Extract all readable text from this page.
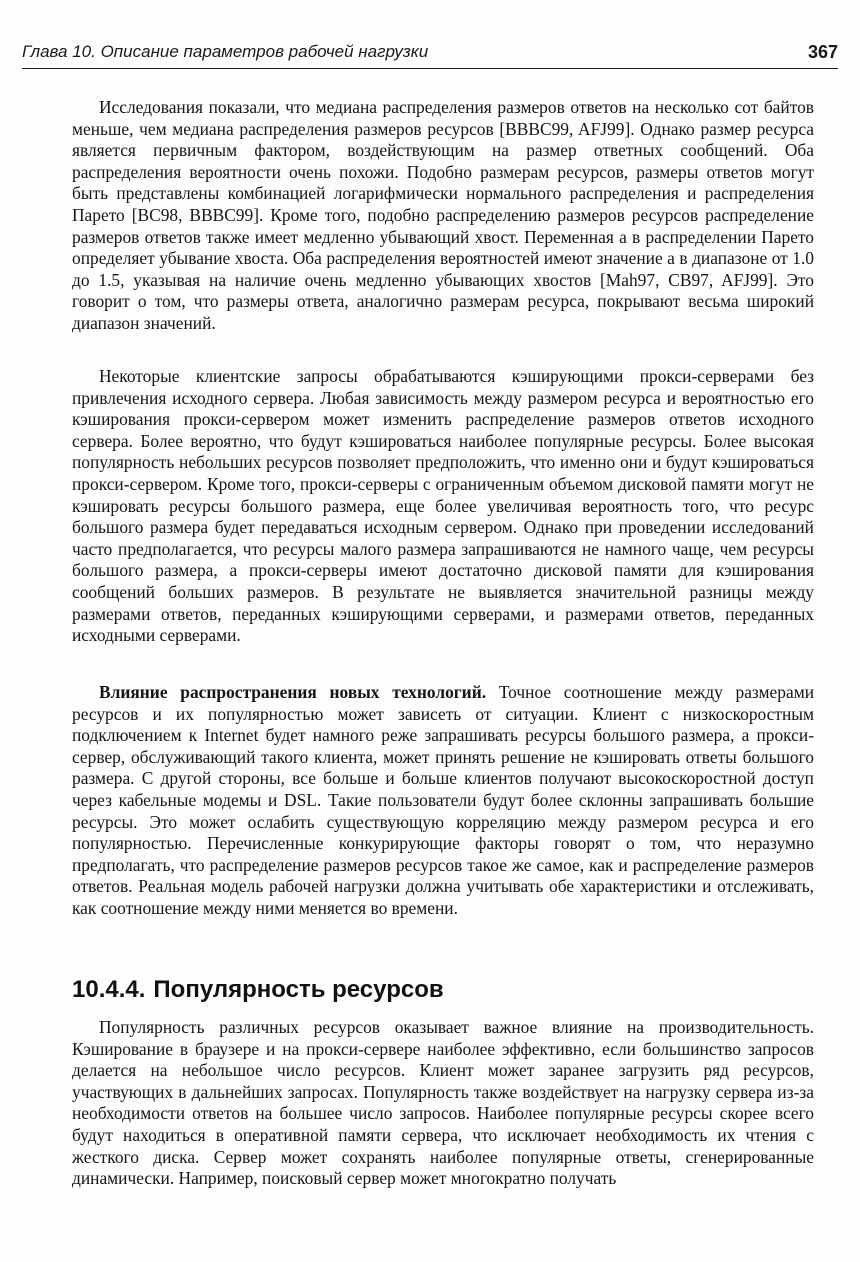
Глава 10. Описание параметров рабочей нагрузки	367

Исследования показали, что медиана распределения размеров ответов на несколько сот байтов меньше, чем медиана распределения размеров ресурсов [BBBC99, AFJ99]. Однако размер ресурса является первичным фактором, воздействующим на размер ответных сообщений. Оба распределения вероятности очень похожи. Подобно размерам ресурсов, размеры ответов могут быть представлены комбинацией логарифмически нормального распределения и распределения Парето [BC98, BBBC99]. Кроме того, подобно распределению размеров ресурсов распределение размеров ответов также имеет медленно убывающий хвост. Переменная a в распределении Парето определяет убывание хвоста. Оба распределения вероятностей имеют значение a в диапазоне от 1.0 до 1.5, указывая на наличие очень медленно убывающих хвостов [Mah97, CB97, AFJ99]. Это говорит о том, что размеры ответа, аналогично размерам ресурса, покрывают весьма широкий диапазон значений.

Некоторые клиентские запросы обрабатываются кэширующими прокси-серверами без привлечения исходного сервера. Любая зависимость между размером ресурса и вероятностью его кэширования прокси-сервером может изменить распределение размеров ответов исходного сервера. Более вероятно, что будут кэшироваться наиболее популярные ресурсы. Более высокая популярность небольших ресурсов позволяет предположить, что именно они и будут кэшироваться прокси-сервером. Кроме того, прокси-серверы с ограниченным объемом дисковой памяти могут не кэшировать ресурсы большого размера, еще более увеличивая вероятность того, что ресурс большого размера будет передаваться исходным сервером. Однако при проведении исследований часто предполагается, что ресурсы малого размера запрашиваются не намного чаще, чем ресурсы большого размера, а прокси-серверы имеют достаточно дисковой памяти для кэширования сообщений больших размеров. В результате не выявляется значительной разницы между размерами ответов, переданных кэширующими серверами, и размерами ответов, переданных исходными серверами.

Влияние распространения новых технологий. Точное соотношение между размерами ресурсов и их популярностью может зависеть от ситуации. Клиент с низкоскоростным подключением к Internet будет намного реже запрашивать ресурсы большого размера, а прокси-сервер, обслуживающий такого клиента, может принять решение не кэшировать ответы большого размера. С другой стороны, все больше и больше клиентов получают высокоскоростной доступ через кабельные модемы и DSL. Такие пользователи будут более склонны запрашивать большие ресурсы. Это может ослабить существующую корреляцию между размером ресурса и его популярностью. Перечисленные конкурирующие факторы говорят о том, что неразумно предполагать, что распределение размеров ресурсов такое же самое, как и распределение размеров ответов. Реальная модель рабочей нагрузки должна учитывать обе характеристики и отслеживать, как соотношение между ними меняется во времени.

10.4.4. Популярность ресурсов

Популярность различных ресурсов оказывает важное влияние на производительность. Кэширование в браузере и на прокси-сервере наиболее эффективно, если большинство запросов делается на небольшое число ресурсов. Клиент может заранее загрузить ряд ресурсов, участвующих в дальнейших запросах. Популярность также воздействует на нагрузку сервера из-за необходимости ответов на большее число запросов. Наиболее популярные ресурсы скорее всего будут находиться в оперативной памяти сервера, что исключает необходимость их чтения с жесткого диска. Сервер может сохранять наиболее популярные ответы, сгенерированные динамически. Например, поисковый сервер может многократно получать
